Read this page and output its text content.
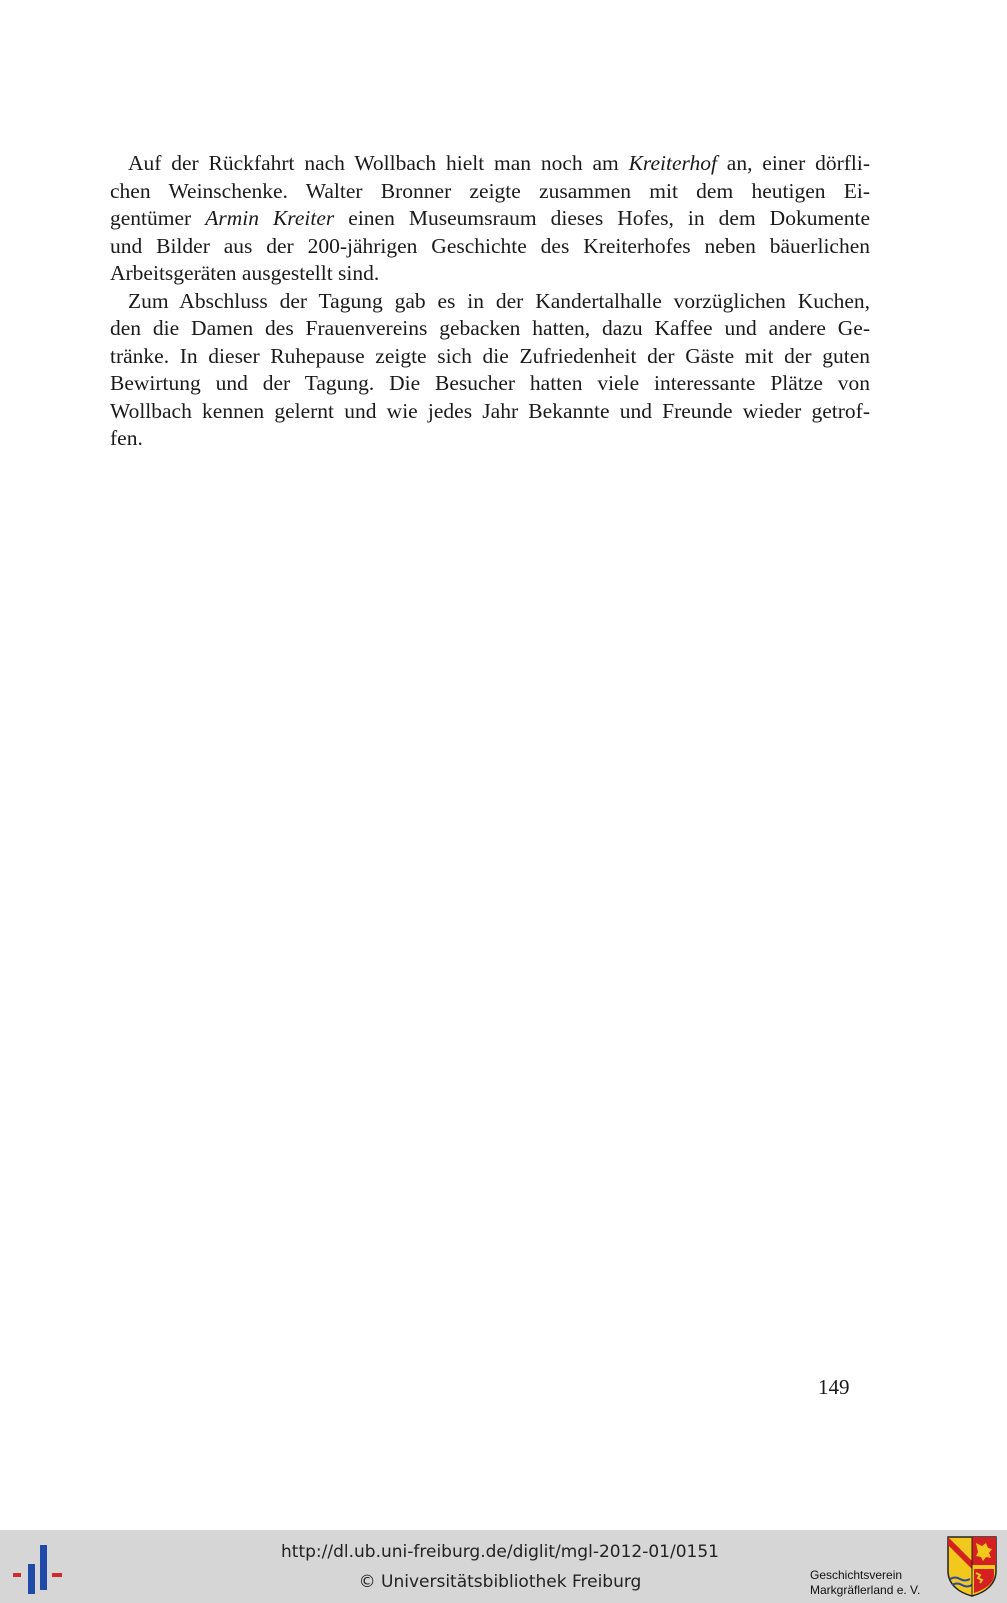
Auf der Rückfahrt nach Wollbach hielt man noch am Kreiterhof an, einer dörfli-
chen Weinschenke. Walter Bronner zeigte zusammen mit dem heutigen Ei-
gentümer Armin Kreiter einen Museumsraum dieses Hofes, in dem Dokumente
und Bilder aus der 200-jährigen Geschichte des Kreiterhofes neben bäuerlichen
Arbeitsgeräten ausgestellt sind.
Zum Abschluss der Tagung gab es in der Kandertalhalle vorzüglichen Kuchen,
den die Damen des Frauenvereins gebacken hatten, dazu Kaffee und andere Ge-
tränke. In dieser Ruhepause zeigte sich die Zufriedenheit der Gäste mit der guten
Bewirtung und der Tagung. Die Besucher hatten viele interessante Plätze von
Wollbach kennen gelernt und wie jedes Jahr Bekannte und Freunde wieder getrof-
fen.
149
http://dl.ub.uni-freiburg.de/diglit/mgl-2012-01/0151
© Universitätsbibliothek Freiburg	Geschichtsverein
Markgräflerland e. V.
